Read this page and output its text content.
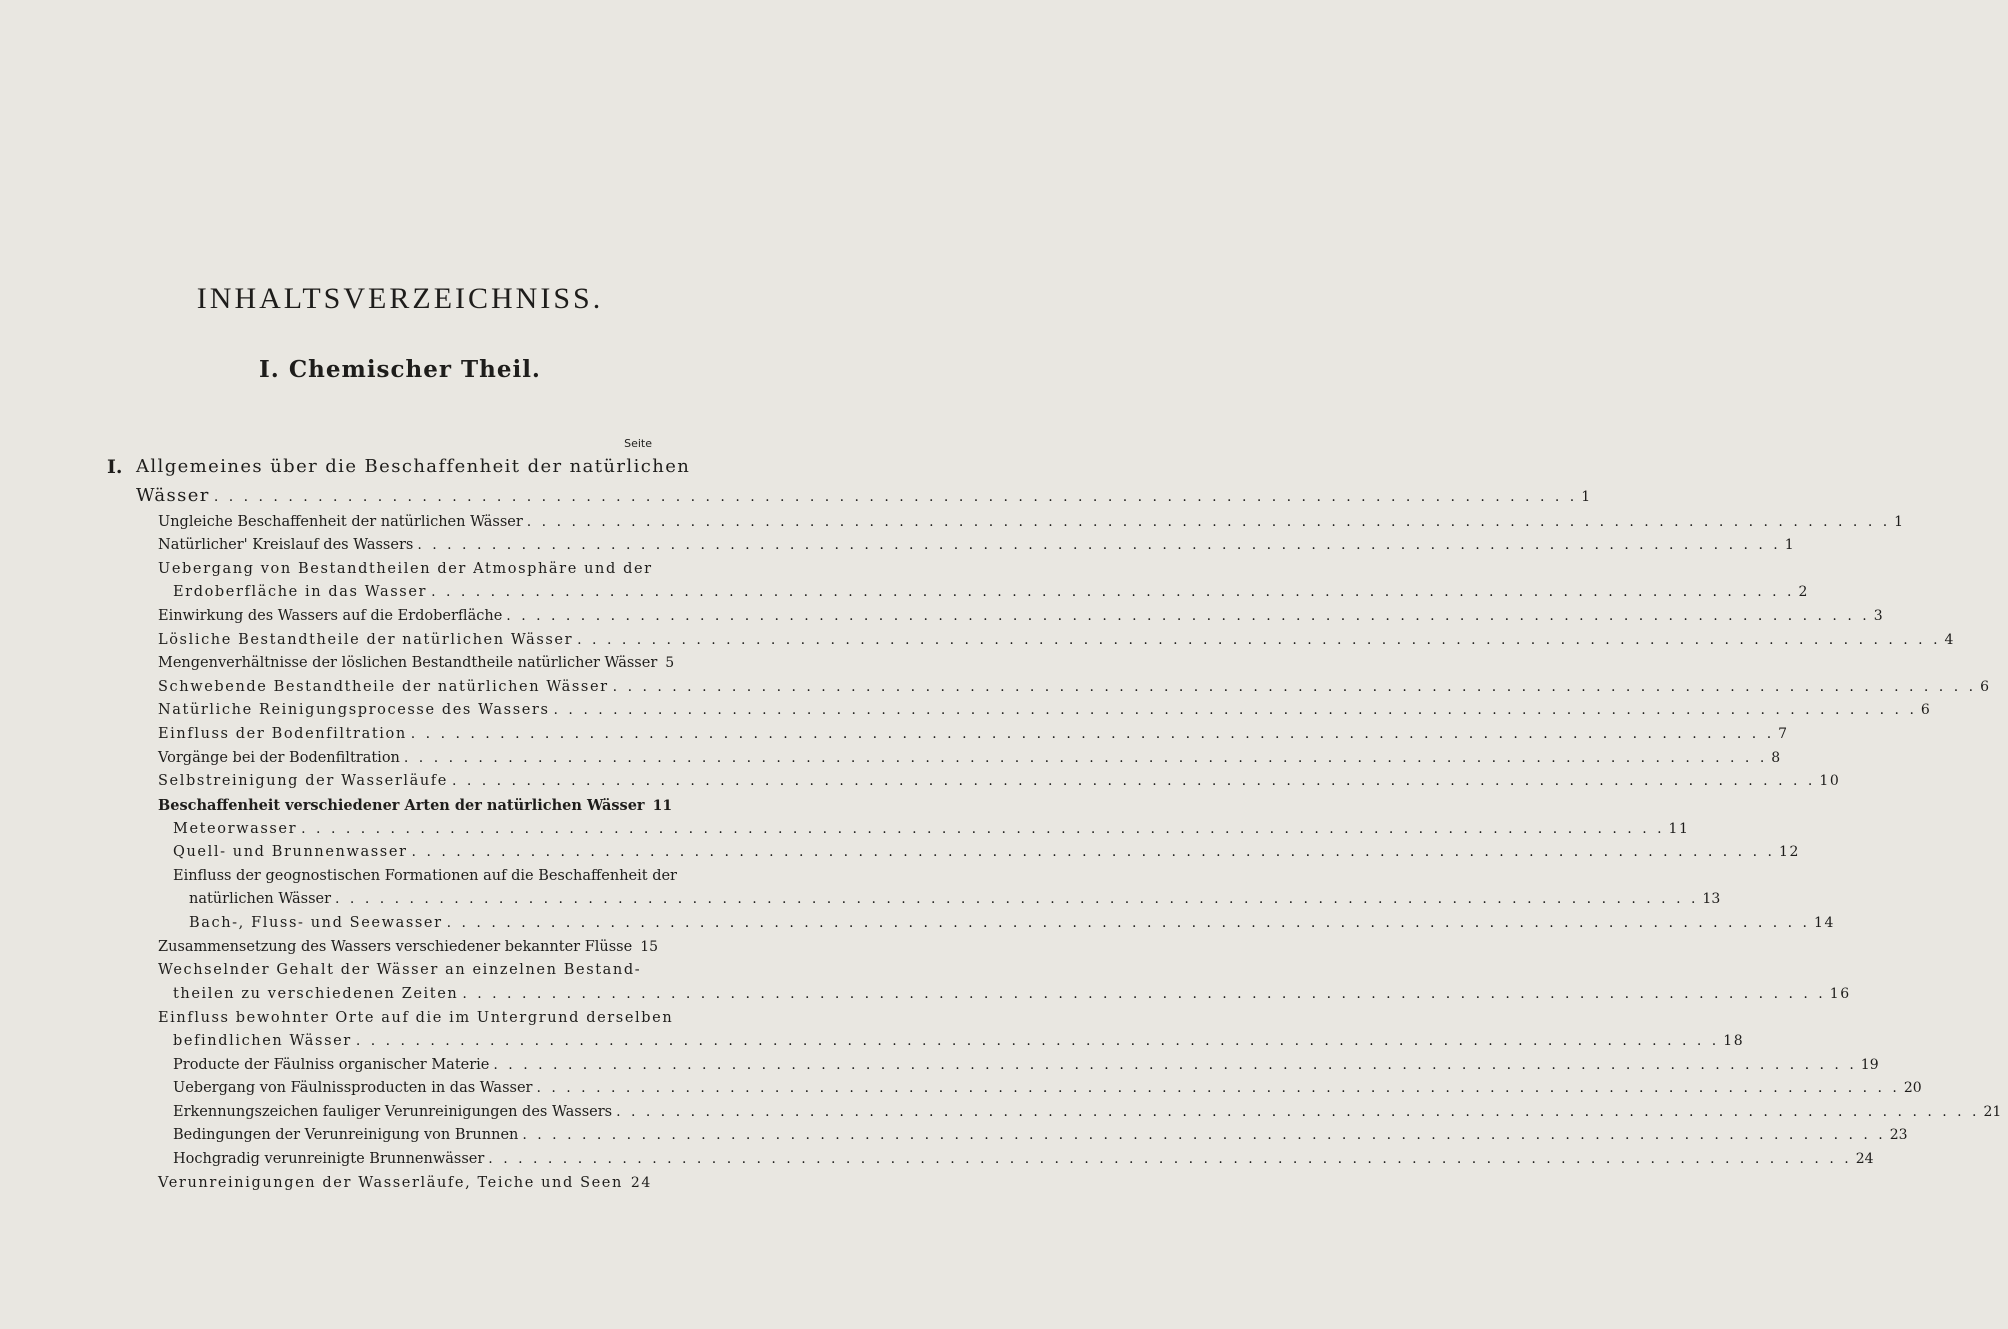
INHALTSVERZEICHNISS.
I. Chemischer Theil.
Seite
I. Allgemeines über die Beschaffenheit der natürlichen
Wässer . . .	1
Ungleiche Beschaffenheit der natürlichen Wässer . . .	1
Natürlicher' Kreislauf des Wassers . . .	1
Uebergang von Bestandtheilen der Atmosphäre und der
Erdoberfläche in das Wasser . . .	2
Einwirkung des Wassers auf die Erdoberfläche . . .	3
Lösliche Bestandtheile der natürlichen Wässer . . .	4
Mengenverhältnisse der löslichen Bestandtheile natürlicher Wässer 5
Schwebende Bestandtheile der natürlichen Wässer . . .	6
Natürliche Reinigungsprocesse des Wassers . . .	6
Einfluss der Bodenfiltration . . .	7
Vorgänge bei der Bodenfiltration . . .	8
Selbstreinigung der Wasserläufe . . .	10
Beschaffenheit verschiedener Arten der natürlichen Wässer 11
Meteorwasser . . .	11
Quell- und Brunnenwasser . . .	12
Einfluss der geognostischen Formationen auf die Beschaffenheit der
natürlichen Wässer . . .	13
Bach-, Fluss- und Seewasser . . .	14
Zusammensetzung des Wassers verschiedener bekannter Flüsse 15
Wechselnder Gehalt der Wässer an einzelnen Bestand-
theilen zu verschiedenen Zeiten . . .	16
Einfluss bewohnter Orte auf die im Untergrund derselben
befindlichen Wässer . . .	18
Producte der Fäulniss organischer Materie . . .	19
Uebergang von Fäulnissproducten in das Wasser . . .	20
Erkennungszeichen fauliger Verunreinigungen des Wassers . . .	21
Bedingungen der Verunreinigung von Brunnen . . .	23
Hochgradig verunreinigte Brunnenwässer . . .	24
Verunreinigungen der Wasserläufe, Teiche und Seen 24
